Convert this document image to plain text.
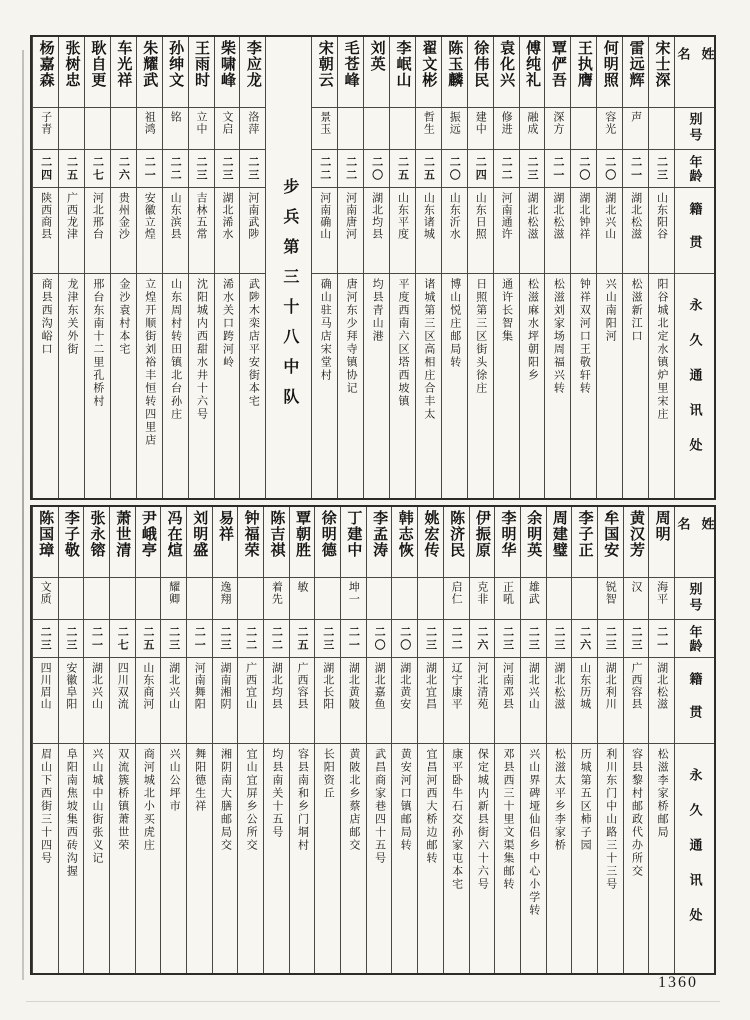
姓名
别号
年龄
籍贯
永久通讯处
宋士深
二三
山东阳谷
阳谷城北定水镇炉里宋庄
雷远辉
声
二一
湖北松滋
松滋新江口
何明照
容光
二〇
湖北兴山
兴山南阳河
王执膺
二〇
湖北钟祥
钟祥双河口王敬轩转
覃俨吾
深方
二一
湖北松滋
松滋刘家场周福兴转
傅纯礼
融成
二三
湖北松滋
松滋麻水坪朝阳乡
袁化兴
修进
二二
河南通许
通许长智集
徐伟民
建中
二四
山东日照
日照第三区街头徐庄
陈玉麟
振远
二〇
山东沂水
博山悦庄邮局转
翟文彬
哲生
二五
山东诸城
诸城第三区高相庄合丰太
李岷山
二五
山东平度
平度西南六区塔西坡镇
刘英
二〇
湖北均县
均县青山港
毛苍峰
二二
河南唐河
唐河东少拜寺镇协记
宋朝云
景玉
二二
河南确山
确山驻马店宋堂村
步兵第三十八中队
李应龙
洛萍
二三
河南武陟
武陟木栾店平安街本宅
柴啸峰
文启
二三
湖北浠水
浠水关口跨河岭
王雨时
立中
二三
吉林五常
沈阳城内西甜水井十六号
孙绅文
铭
二二
山东滨县
山东周村转田镇北台孙庄
朱耀武
祖鸿
二一
安徽立煌
立煌开顺街刘裕丰恒转四里店
车光祥
二六
贵州金沙
金沙袁村本宅
耿自更
二七
河北邢台
邢台东南十二里孔桥村
张树忠
二五
广西龙津
龙津东关外街
杨嘉森
子青
二四
陕西商县
商县西沟峪口
姓名
别号
年龄
籍贯
永久通讯处
周明
海平
二一
湖北松滋
松滋李家桥邮局
黄汉芳
汉
二三
广西容县
容县黎村邮政代办所交
牟国安
锐智
二三
湖北利川
利川东门中山路三十三号
李子正
二六
山东历城
历城第五区柿子园
周建璧
二三
湖北松滋
松滋太平乡李家桥
余明英
雄武
二三
湖北兴山
兴山界碑垭仙侣乡中心小学转
李明华
正吼
二三
河南邓县
邓县西三十里文渠集邮转
伊振原
克非
二六
河北清苑
保定城内新县街六十六号
陈济民
启仁
二二
辽宁康平
康平卧牛石交孙家屯本宅
姚宏传
二三
湖北宜昌
宜昌河西大桥边邮转
韩志恢
二〇
湖北黄安
黄安河口镇邮局转
李孟涛
二〇
湖北嘉鱼
武昌商家巷四十五号
丁建中
坤一
二一
湖北黄陂
黄陂北乡蔡店邮交
徐明德
二三
湖北长阳
长阳资丘
覃朝胜
敏
二五
广西容县
容县南和乡门垌村
陈吉祺
着先
二二
湖北均县
均县南关十五号
钟福荣
二二
广西宜山
宜山宜屏乡公所交
易祥
逸翔
二三
湖南湘阴
湘阴南大膳邮局交
刘明盛
二一
河南舞阳
舞阳德生祥
冯在煊
耀卿
二三
湖北兴山
兴山公坪市
尹峨亭
二五
山东商河
商河城北小买虎庄
萧世清
二七
四川双流
双流簇桥镇萧世荣
张永镕
二一
湖北兴山
兴山城中山街张义记
李子敬
二三
安徽阜阳
阜阳南焦坡集西砖沟握
陈国璋
文质
二三
四川眉山
眉山下西街三十四号
1360
